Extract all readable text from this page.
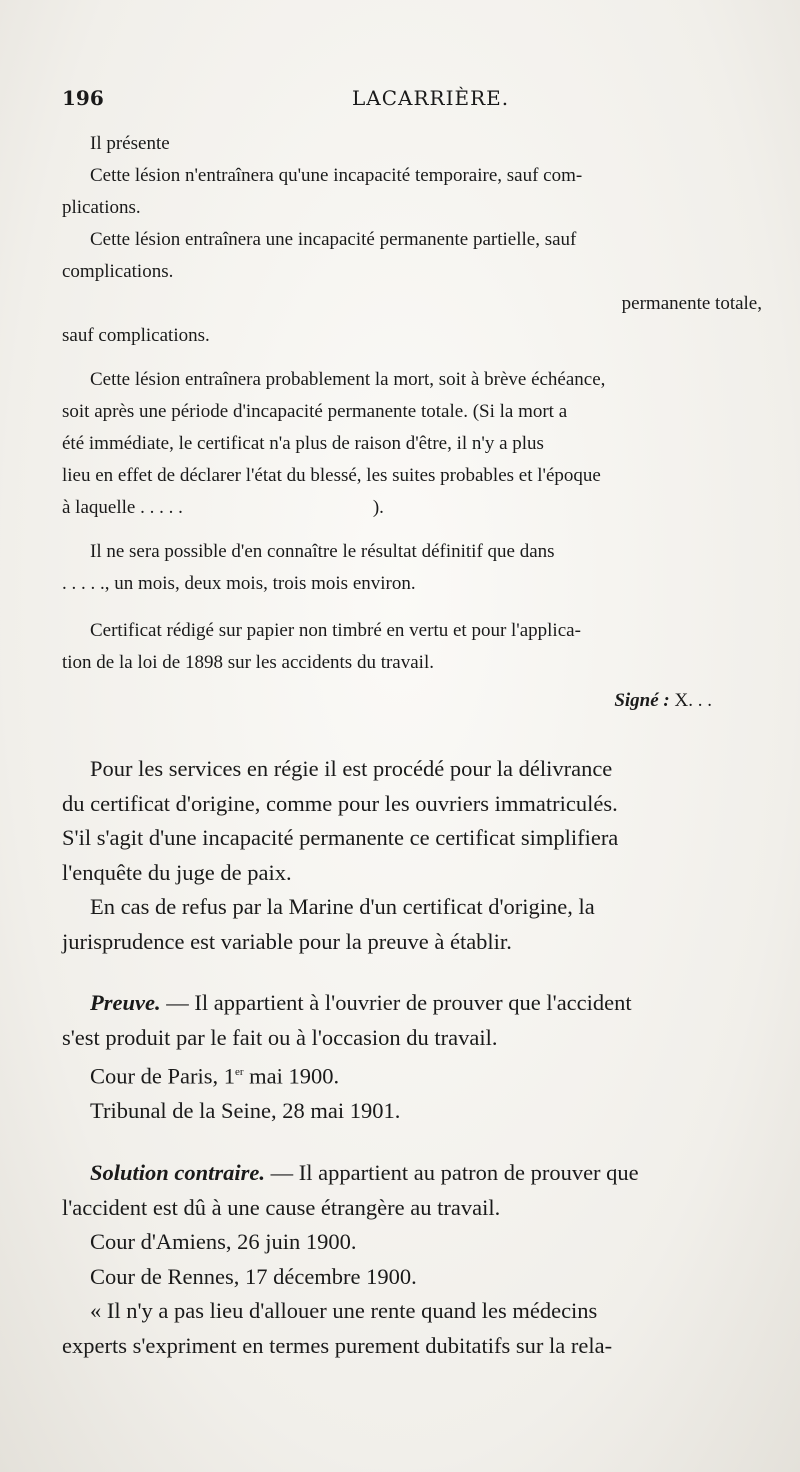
196	LACARRIÈRE.

Il présente

Cette lésion n'entraînera qu'une incapacité temporaire, sauf com-

plications.

Cette lésion entraînera une incapacité permanente partielle, sauf

complications.

permanente totale,

sauf complications.

Cette lésion entraînera probablement la mort, soit à brève échéance,

soit après une période d'incapacité permanente totale. (Si la mort a

été immédiate, le certificat n'a plus de raison d'être, il n'y a plus

lieu en effet de déclarer l'état du blessé, les suites probables et l'époque

à laquelle . . . . .                                        ).

Il ne sera possible d'en connaître le résultat définitif que dans

. . . . ., un mois, deux mois, trois mois environ.

Certificat rédigé sur papier non timbré en vertu et pour l'applica-

tion de la loi de 1898 sur les accidents du travail.

Signé : X. . .

Pour les services en régie il est procédé pour la délivrance

du certificat d'origine, comme pour les ouvriers immatriculés.

S'il s'agit d'une incapacité permanente ce certificat simplifiera

l'enquête du juge de paix.

En cas de refus par la Marine d'un certificat d'origine, la

jurisprudence est variable pour la preuve à établir.

Preuve. — Il appartient à l'ouvrier de prouver que l'accident

s'est produit par le fait ou à l'occasion du travail.

Cour de Paris, 1er mai 1900.

Tribunal de la Seine, 28 mai 1901.

Solution contraire. — Il appartient au patron de prouver que

l'accident est dû à une cause étrangère au travail.

Cour d'Amiens, 26 juin 1900.

Cour de Rennes, 17 décembre 1900.

« Il n'y a pas lieu d'allouer une rente quand les médecins

experts s'expriment en termes purement dubitatifs sur la rela-
